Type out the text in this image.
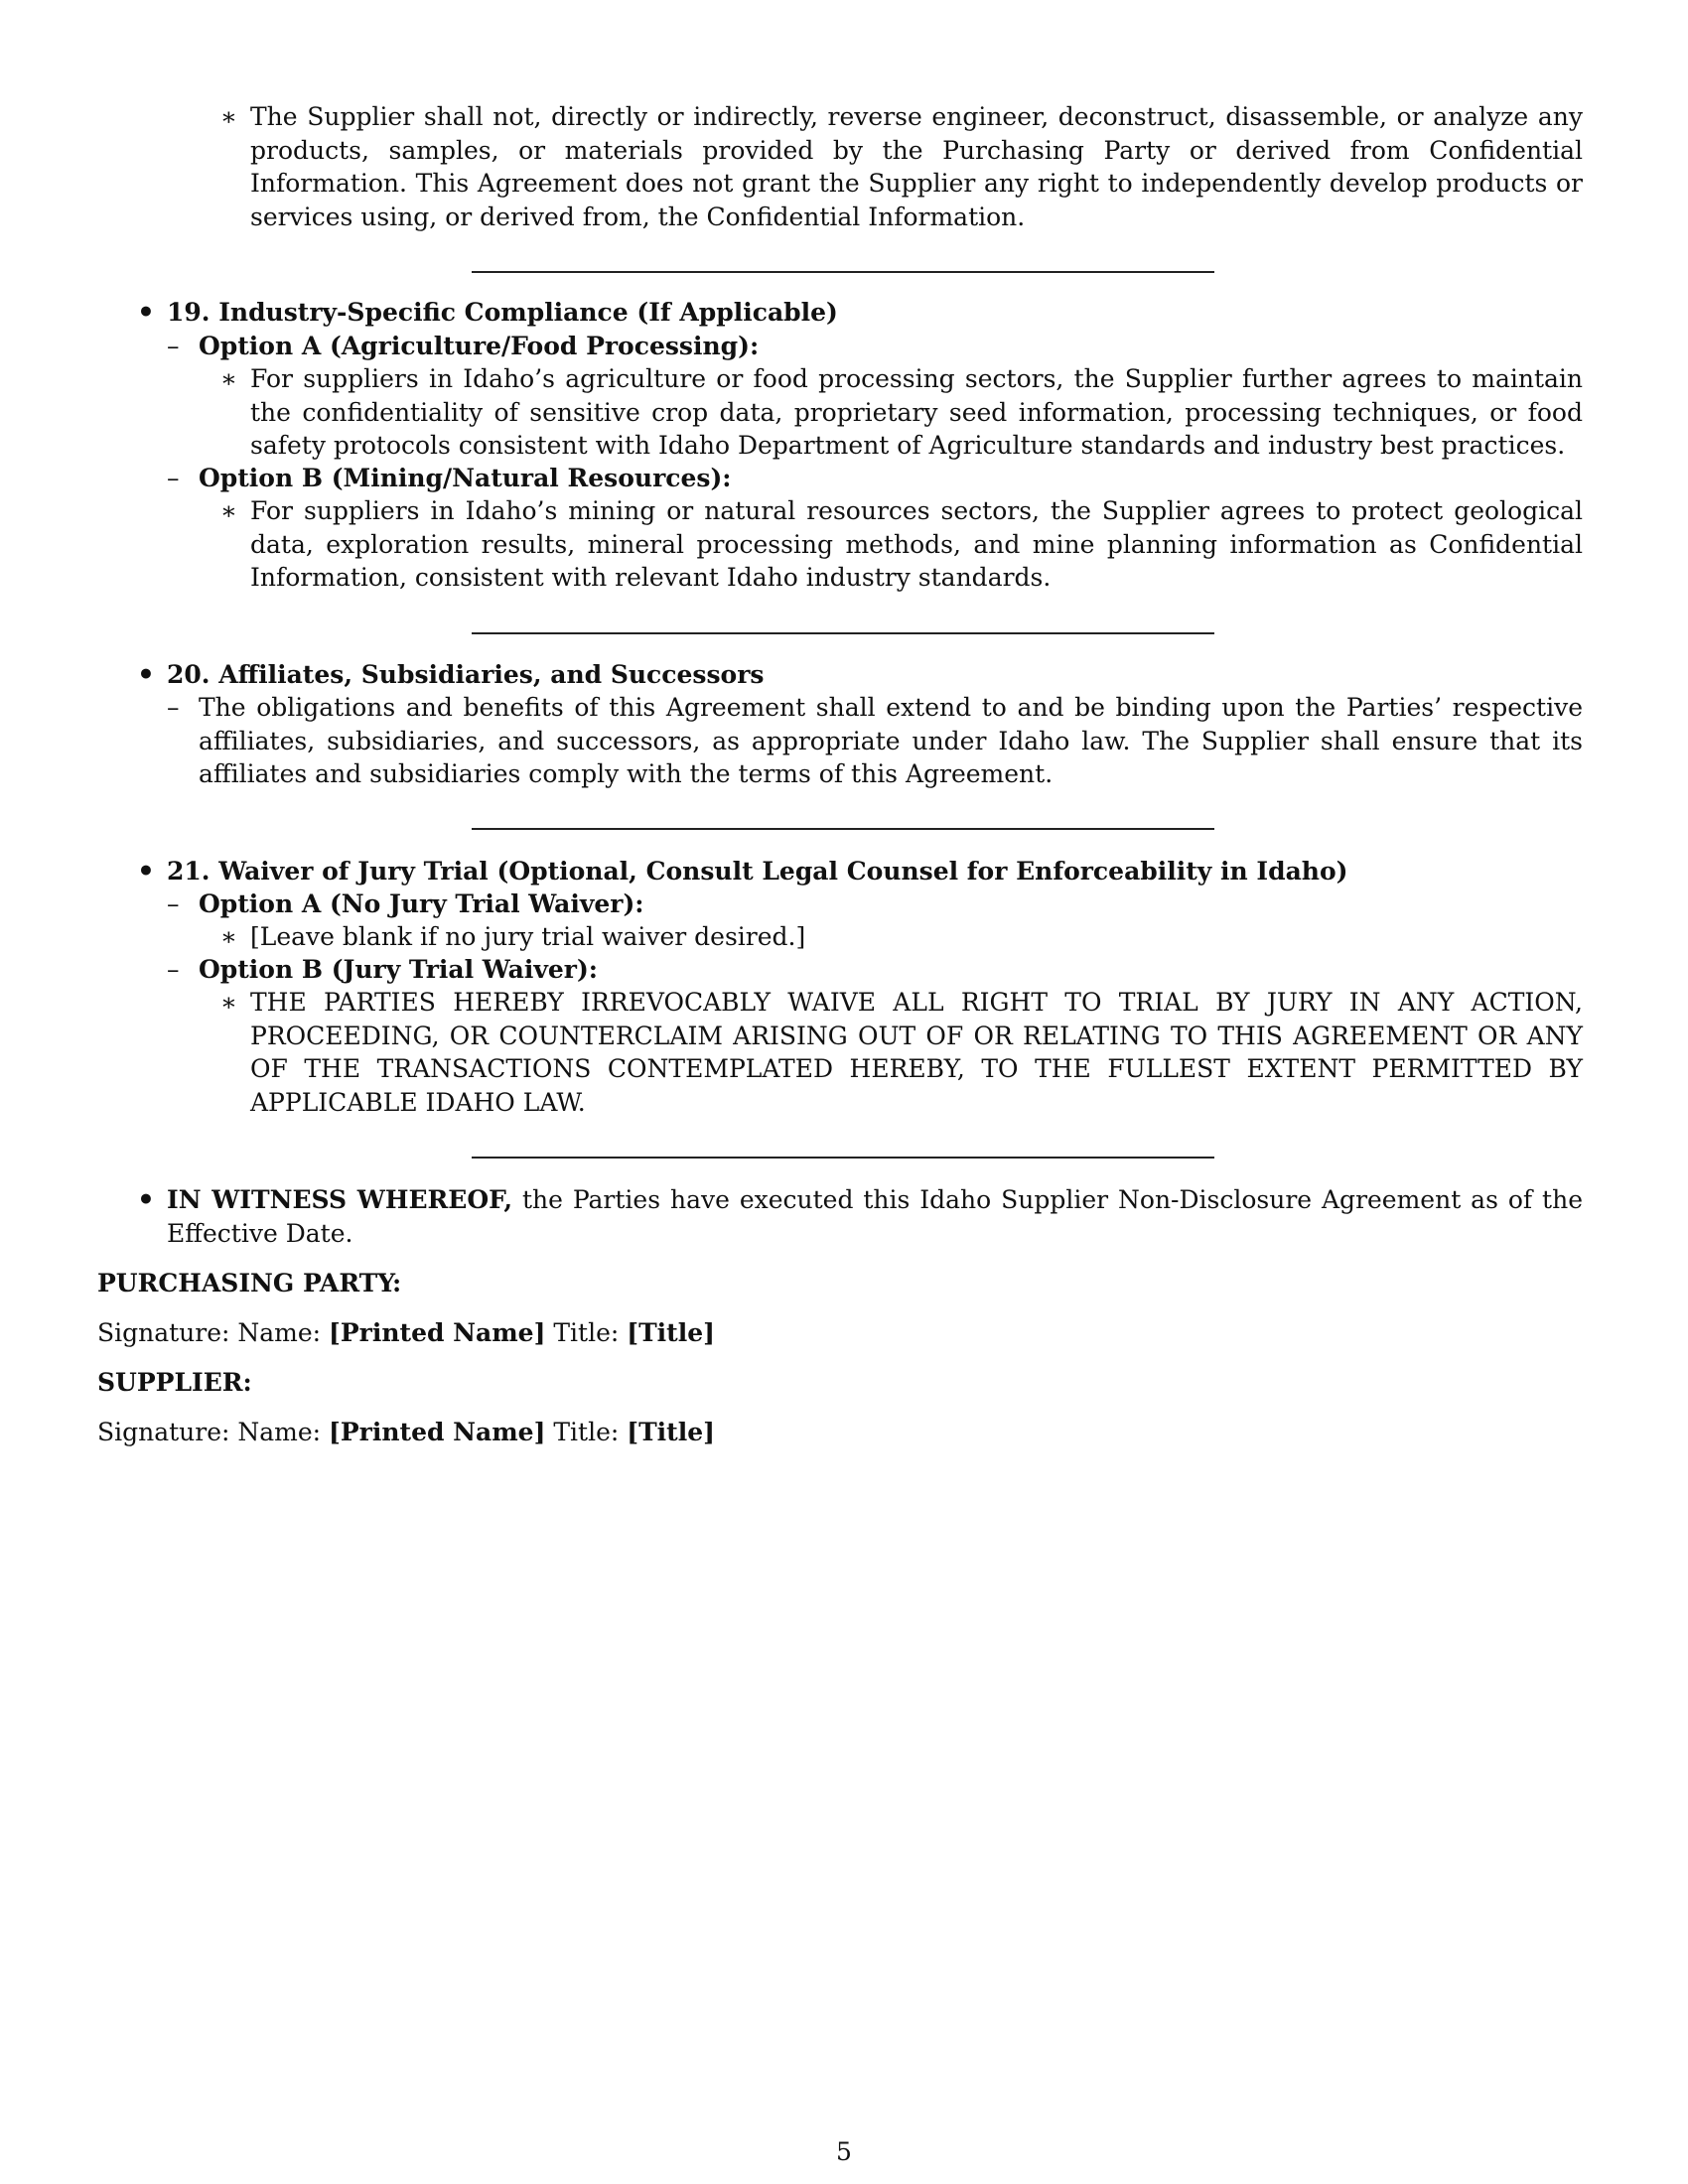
∗ The Supplier shall not, directly or indirectly, reverse engineer, deconstruct, disassemble, or analyze any products, samples, or materials provided by the Purchasing Party or derived from Confidential Information. This Agreement does not grant the Supplier any right to independently develop products or services using, or derived from, the Confidential Information.
• 19. Industry-Specific Compliance (If Applicable)
– Option A (Agriculture/Food Processing):
∗ For suppliers in Idaho’s agriculture or food processing sectors, the Supplier further agrees to maintain the confidentiality of sensitive crop data, proprietary seed information, processing techniques, or food safety protocols consistent with Idaho Department of Agriculture standards and industry best practices.
– Option B (Mining/Natural Resources):
∗ For suppliers in Idaho’s mining or natural resources sectors, the Supplier agrees to protect geological data, exploration results, mineral processing methods, and mine planning information as Confidential Information, consistent with relevant Idaho industry standards.
• 20. Affiliates, Subsidiaries, and Successors
– The obligations and benefits of this Agreement shall extend to and be binding upon the Parties’ respective affiliates, subsidiaries, and successors, as appropriate under Idaho law. The Supplier shall ensure that its affiliates and subsidiaries comply with the terms of this Agreement.
• 21. Waiver of Jury Trial (Optional, Consult Legal Counsel for Enforceability in Idaho)
– Option A (No Jury Trial Waiver):
∗ [Leave blank if no jury trial waiver desired.]
– Option B (Jury Trial Waiver):
∗ THE PARTIES HEREBY IRREVOCABLY WAIVE ALL RIGHT TO TRIAL BY JURY IN ANY ACTION, PROCEEDING, OR COUNTERCLAIM ARISING OUT OF OR RELATING TO THIS AGREEMENT OR ANY OF THE TRANSACTIONS CONTEMPLATED HEREBY, TO THE FULLEST EXTENT PERMITTED BY APPLICABLE IDAHO LAW.
• IN WITNESS WHEREOF, the Parties have executed this Idaho Supplier Non-Disclosure Agreement as of the Effective Date.
PURCHASING PARTY:
Signature: Name: [Printed Name] Title: [Title]
SUPPLIER:
Signature: Name: [Printed Name] Title: [Title]
5
